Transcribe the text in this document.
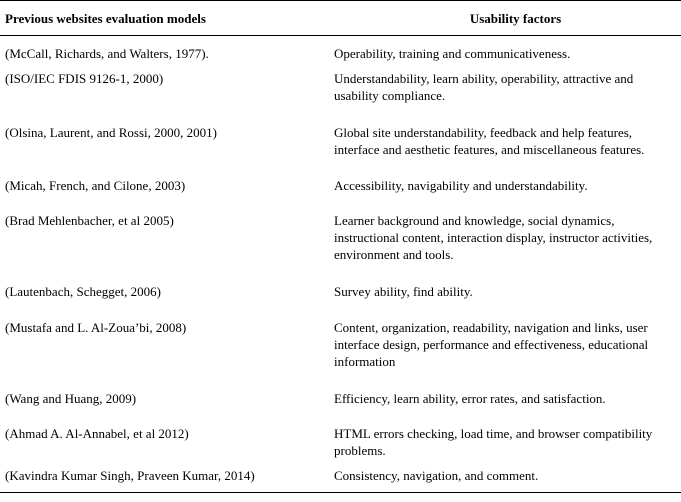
Previous websites evaluation models	Usability factors
(McCall, Richards, and Walters, 1977).	Operability, training and communicativeness.
(ISO/IEC FDIS 9126-1, 2000)	Understandability, learn ability, operability, attractive and usability compliance.
(Olsina, Laurent, and Rossi, 2000, 2001)	Global site understandability, feedback and help features, interface and aesthetic features, and miscellaneous features.
(Micah, French, and Cilone, 2003)	Accessibility, navigability and understandability.
(Brad Mehlenbacher, et al 2005)	Learner background and knowledge, social dynamics, instructional content, interaction display, instructor activities, environment and tools.
(Lautenbach, Schegget, 2006)	Survey ability, find ability.
(Mustafa and L. Al-Zoua’bi, 2008)	Content, organization, readability, navigation and links, user interface design, performance and effectiveness, educational information
(Wang and Huang, 2009)	Efficiency, learn ability, error rates, and satisfaction.
(Ahmad A. Al-Annabel, et al 2012)	HTML errors checking, load time, and browser compatibility problems.
(Kavindra Kumar Singh, Praveen Kumar, 2014)	Consistency, navigation, and comment.
